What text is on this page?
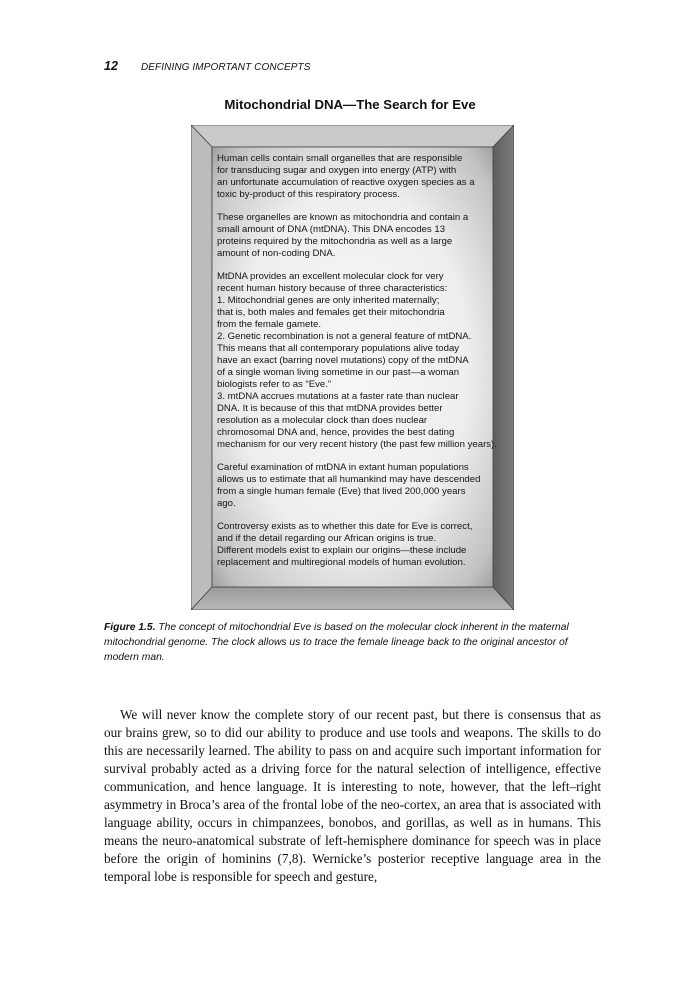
12 DEFINING IMPORTANT CONCEPTS
Mitochondrial DNA—The Search for Eve

Human cells contain small organelles that are responsible
for transducing sugar and oxygen into energy (ATP) with
an unfortunate accumulation of reactive oxygen species as a
toxic by-product of this respiratory process.

These organelles are known as mitochondria and contain a
small amount of DNA (mtDNA). This DNA encodes 13
proteins required by the mitochondria as well as a large
amount of non-coding DNA.

MtDNA provides an excellent molecular clock for very
recent human history because of three characteristics:
1. Mitochondrial genes are only inherited maternally;
that is, both males and females get their mitochondria
from the female gamete.
2. Genetic recombination is not a general feature of mtDNA.
This means that all contemporary populations alive today
have an exact (barring novel mutations) copy of the mtDNA
of a single woman living sometime in our past—a woman
biologists refer to as “Eve.”
3. mtDNA accrues mutations at a faster rate than nuclear
DNA. It is because of this that mtDNA provides better
resolution as a molecular clock than does nuclear
chromosomal DNA and, hence, provides the best dating
mechanism for our very recent history (the past few million years).

Careful examination of mtDNA in extant human populations
allows us to estimate that all humankind may have descended
from a single human female (Eve) that lived 200,000 years
ago.

Controversy exists as to whether this date for Eve is correct,
and if the detail regarding our African origins is true.
Different models exist to explain our origins—these include
replacement and multiregional models of human evolution.

Figure 1.5. The concept of mitochondrial Eve is based on the molecular clock inherent in the maternal mitochondrial genome. The clock allows us to trace the female lineage back to the original ancestor of modern man.

We will never know the complete story of our recent past, but there is consensus that as our brains grew, so to did our ability to produce and use tools and weapons. The skills to do this are necessarily learned. The ability to pass on and acquire such important information for survival probably acted as a driving force for the natural selection of intelligence, effective communication, and hence language. It is interesting to note, however, that the left–right asymmetry in Broca’s area of the frontal lobe of the neo-cortex, an area that is associated with language ability, occurs in chimpanzees, bonobos, and gorillas, as well as in humans. This means the neuro-anatomical substrate of left-hemisphere dominance for speech was in place before the origin of hominins (7,8). Wernicke’s posterior receptive language area in the temporal lobe is responsible for speech and gesture,
